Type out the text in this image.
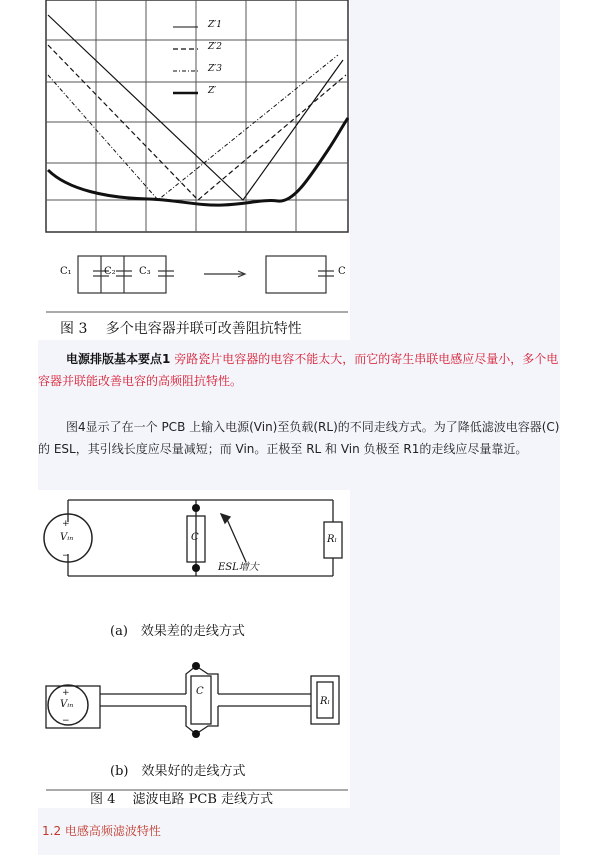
Z′1
Z′2
Z′3
Z′
C₁	C₂ C₃	C
图 3　 多个电容器并联可改善阻抗特性
电源排版基本要点1 旁路瓷片电容器的电容不能太大，而它的寄生串联电感应尽量小，多个电容器并联能改善电容的高频阻抗特性。
图4显示了在一个 PCB 上输入电源(Vin)至负载(RL)的不同走线方式。为了降低滤波电容器(C)的 ESL，其引线长度应尽量减短；而 Vin。正极至 RL 和 Vin 负极至 R1的走线应尽量靠近。
+
−
+
−
Vᵢₙ	C	Rₗ
ESL增大
(a)　效果差的走线方式
Vᵢₙ
C
Rₗ
(b)　效果好的走线方式
图 4　 滤波电路 PCB 走线方式
1.2 电感高频滤波特性
